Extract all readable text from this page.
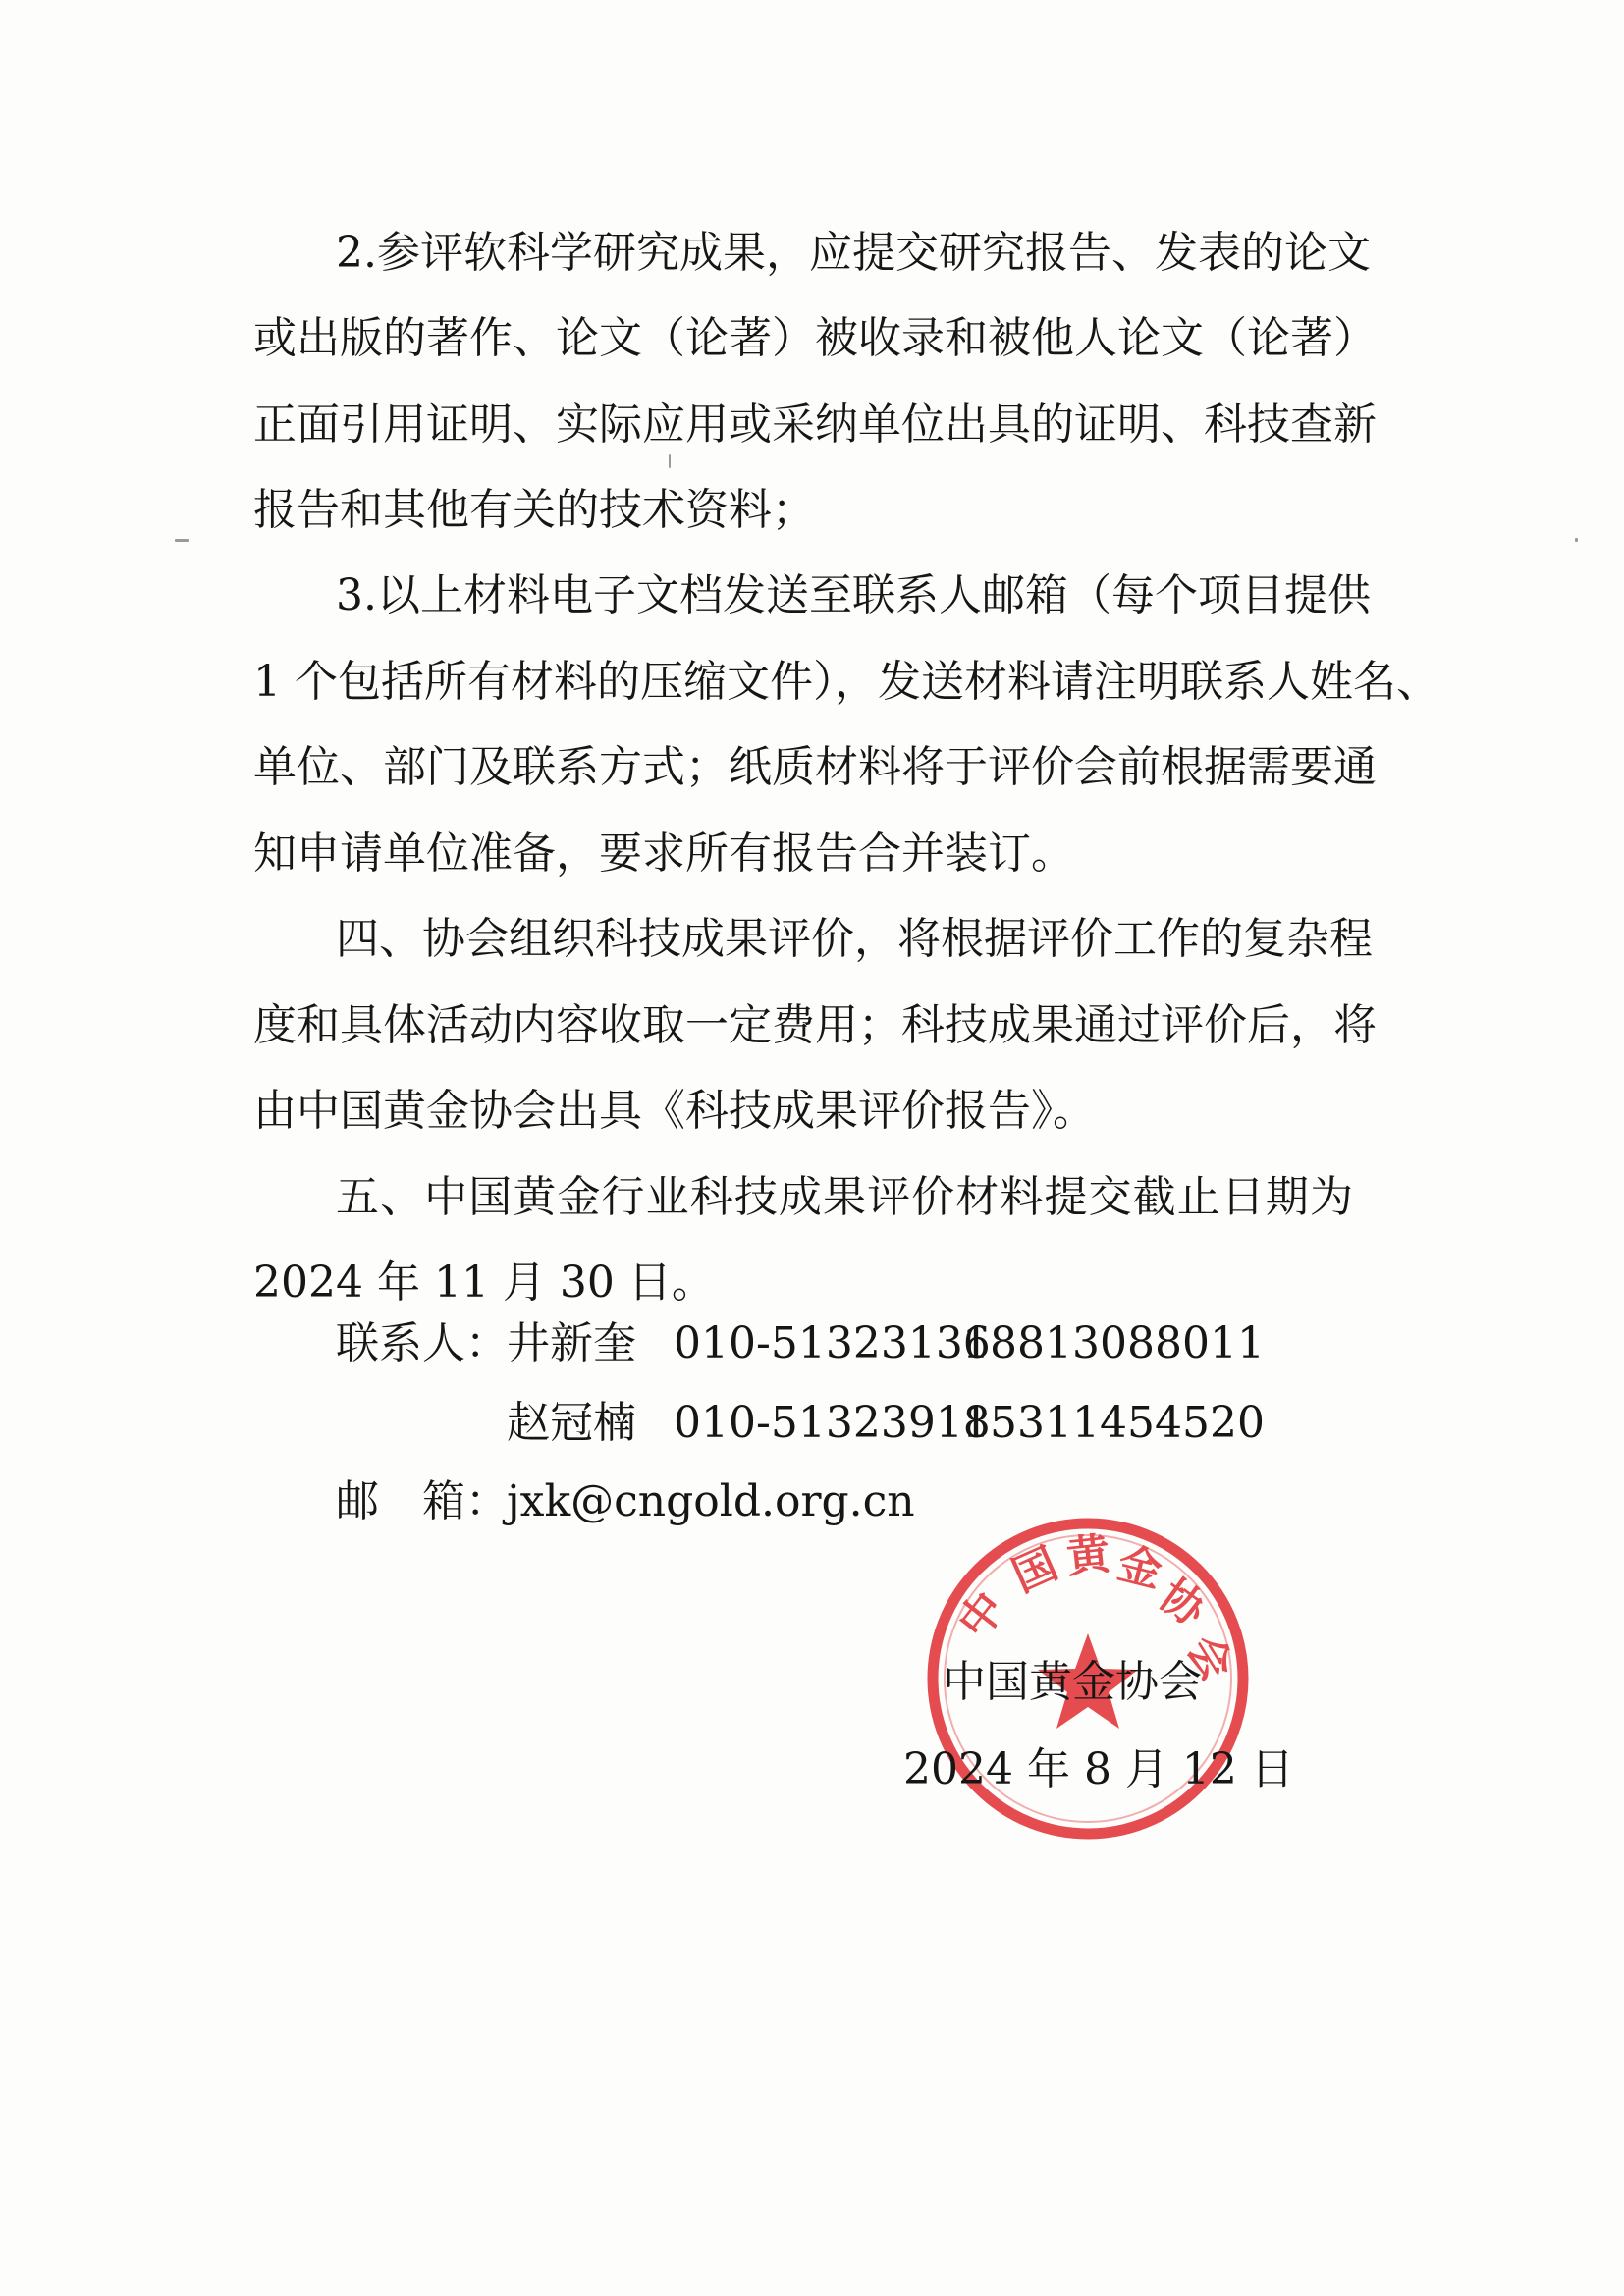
2.参评软科学研究成果，应提交研究报告、发表的论文
或出版的著作、论文（论著）被收录和被他人论文（论著）
正面引用证明、实际应用或采纳单位出具的证明、科技查新
报告和其他有关的技术资料；
3.以上材料电子文档发送至联系人邮箱（每个项目提供
1 个包括所有材料的压缩文件），发送材料请注明联系人姓名、
单位、部门及联系方式；纸质材料将于评价会前根据需要通
知申请单位准备，要求所有报告合并装订。
四、协会组织科技成果评价，将根据评价工作的复杂程
度和具体活动内容收取一定费用；科技成果通过评价后，将
由中国黄金协会出具《科技成果评价报告》。
五、中国黄金行业科技成果评价材料提交截止日期为
2024 年 11 月 30 日。
联系人：
井新奎 010-51323136
18813088011
赵冠楠 010-51323918
15311454520
邮　箱：
jxk@cngold.org.cn
中
国 黄 金
协
会
中国黄金协会
2024 年 8 月 12 日
